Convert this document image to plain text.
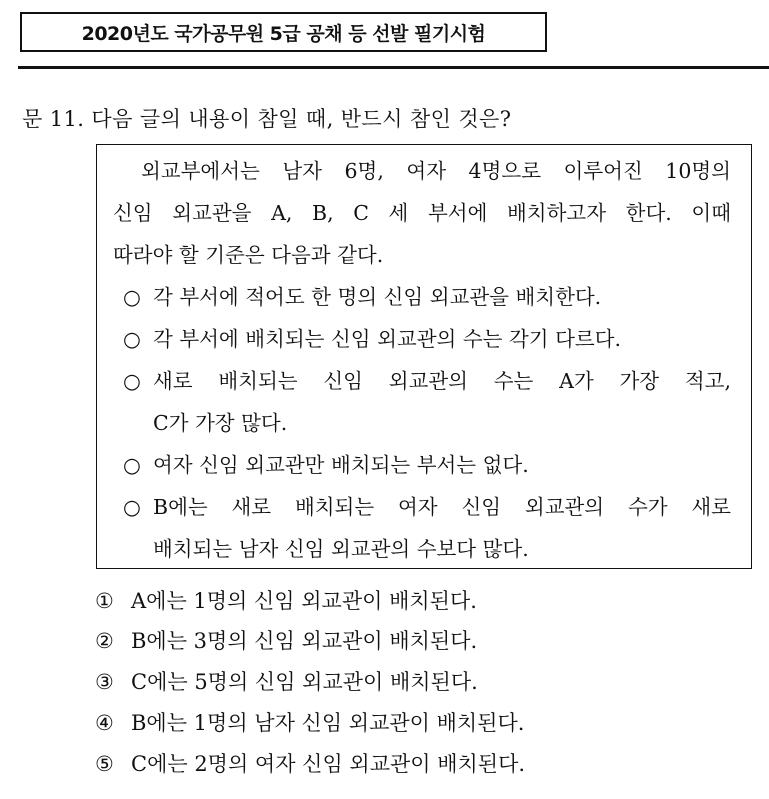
2020년도 국가공무원 5급 공채 등 선발 필기시험
문 11. 다음 글의 내용이 참일 때, 반드시 참인 것은?
외교부에서는 남자 6명, 여자 4명으로 이루어진 10명의
신임 외교관을 A, B, C 세 부서에 배치하고자 한다. 이때
따라야 할 기준은 다음과 같다.
○ 각 부서에 적어도 한 명의 신임 외교관을 배치한다.
○ 각 부서에 배치되는 신임 외교관의 수는 각기 다르다.
○ 새로 배치되는 신임 외교관의 수는 A가 가장 적고,
C가 가장 많다.
○ 여자 신임 외교관만 배치되는 부서는 없다.
○ B에는 새로 배치되는 여자 신임 외교관의 수가 새로
배치되는 남자 신임 외교관의 수보다 많다.
① A에는 1명의 신임 외교관이 배치된다.
② B에는 3명의 신임 외교관이 배치된다.
③ C에는 5명의 신임 외교관이 배치된다.
④ B에는 1명의 남자 신임 외교관이 배치된다.
⑤ C에는 2명의 여자 신임 외교관이 배치된다.
